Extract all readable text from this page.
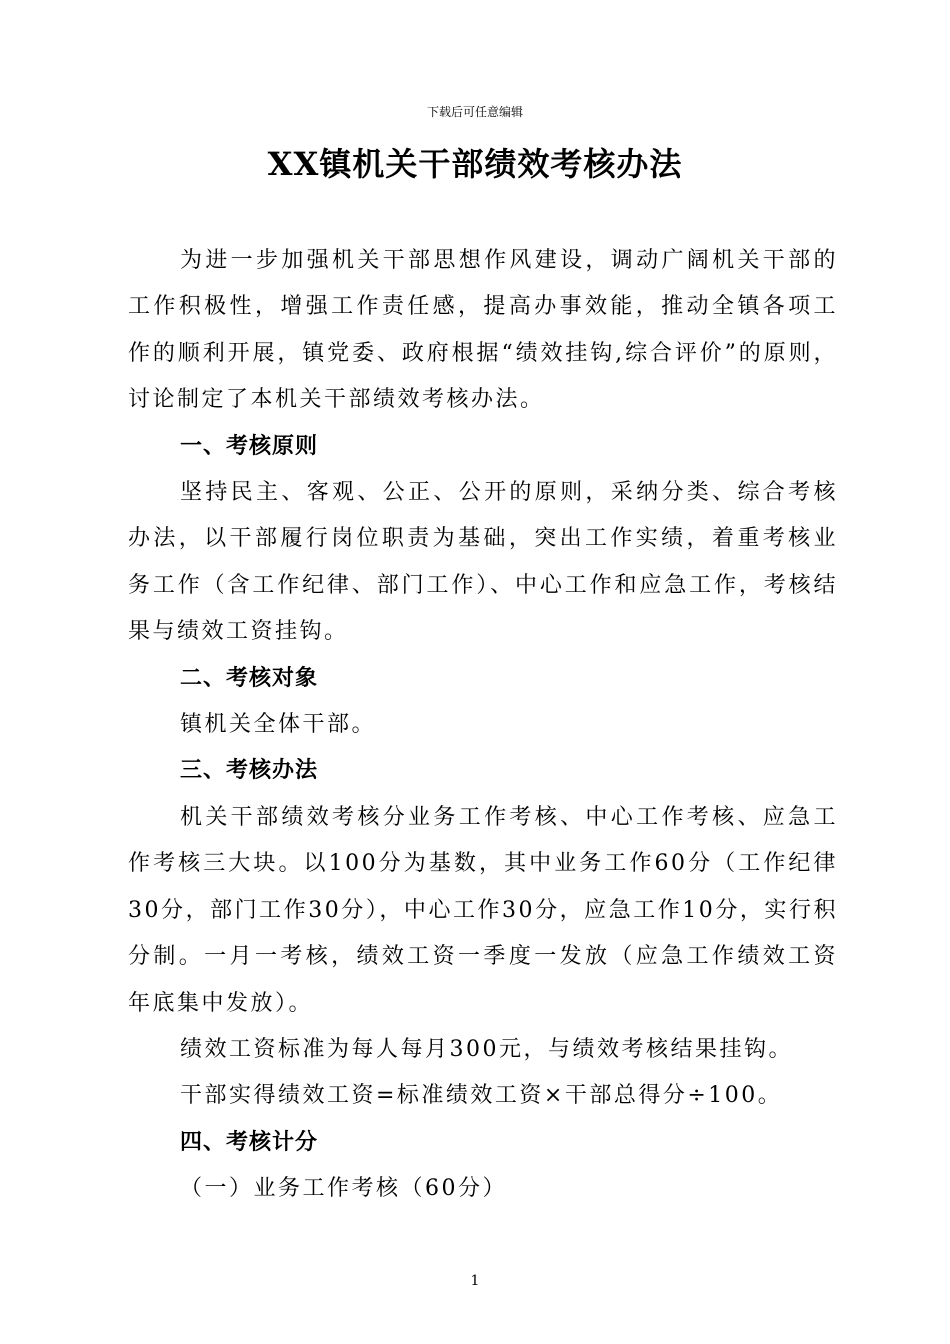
下载后可任意编辑
XX镇机关干部绩效考核办法

为进一步加强机关干部思想作风建设，调动广阔机关干部的工作积极性，增强工作责任感，提高办事效能，推动全镇各项工作的顺利开展，镇党委、政府根据“绩效挂钩,综合评价”的原则，讨论制定了本机关干部绩效考核办法。

一、考核原则

坚持民主、客观、公正、公开的原则，采纳分类、综合考核办法，以干部履行岗位职责为基础，突出工作实绩，着重考核业务工作（含工作纪律、部门工作）、中心工作和应急工作，考核结果与绩效工资挂钩。

二、考核对象

镇机关全体干部。

三、考核办法

机关干部绩效考核分业务工作考核、中心工作考核、应急工作考核三大块。以100分为基数，其中业务工作60分（工作纪律30分，部门工作30分），中心工作30分，应急工作10分，实行积分制。一月一考核，绩效工资一季度一发放（应急工作绩效工资年底集中发放）。

绩效工资标准为每人每月300元，与绩效考核结果挂钩。

干部实得绩效工资=标准绩效工资×干部总得分÷100。

四、考核计分

（一）业务工作考核（60分）

1
